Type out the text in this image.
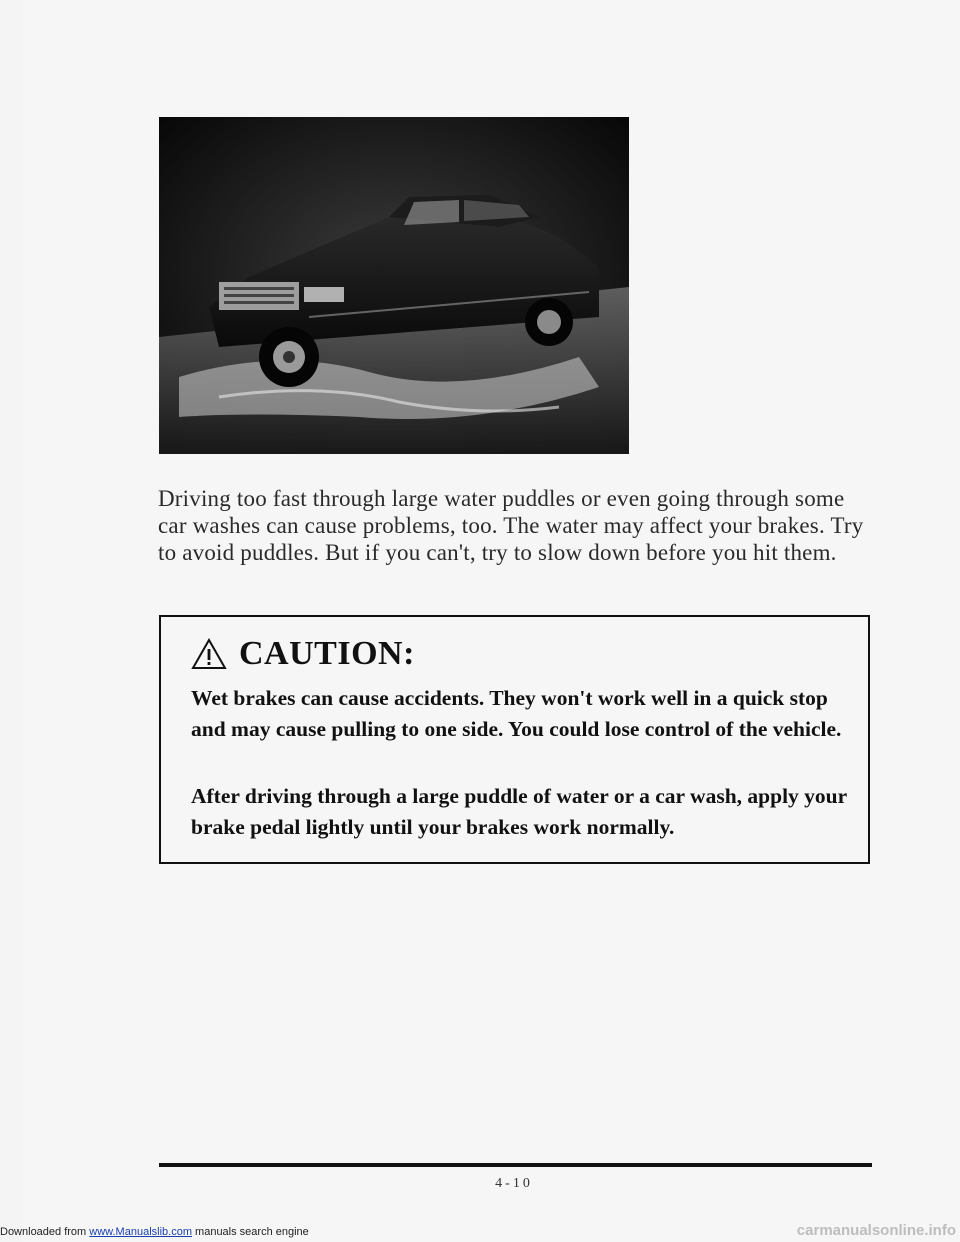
Driving too fast through large water puddles or even going through some car washes can cause problems, too. The water may affect your brakes. Try to avoid puddles. But if you can't, try to slow down before you hit them.
CAUTION:
Wet brakes can cause accidents. They won't work well in a quick stop and may cause pulling to one side. You could lose control of the vehicle.
After driving through a large puddle of water or a car wash, apply your brake pedal lightly until your brakes work normally.
4-10
Downloaded from www.Manualslib.com manuals search engine	carmanualsonline.info
